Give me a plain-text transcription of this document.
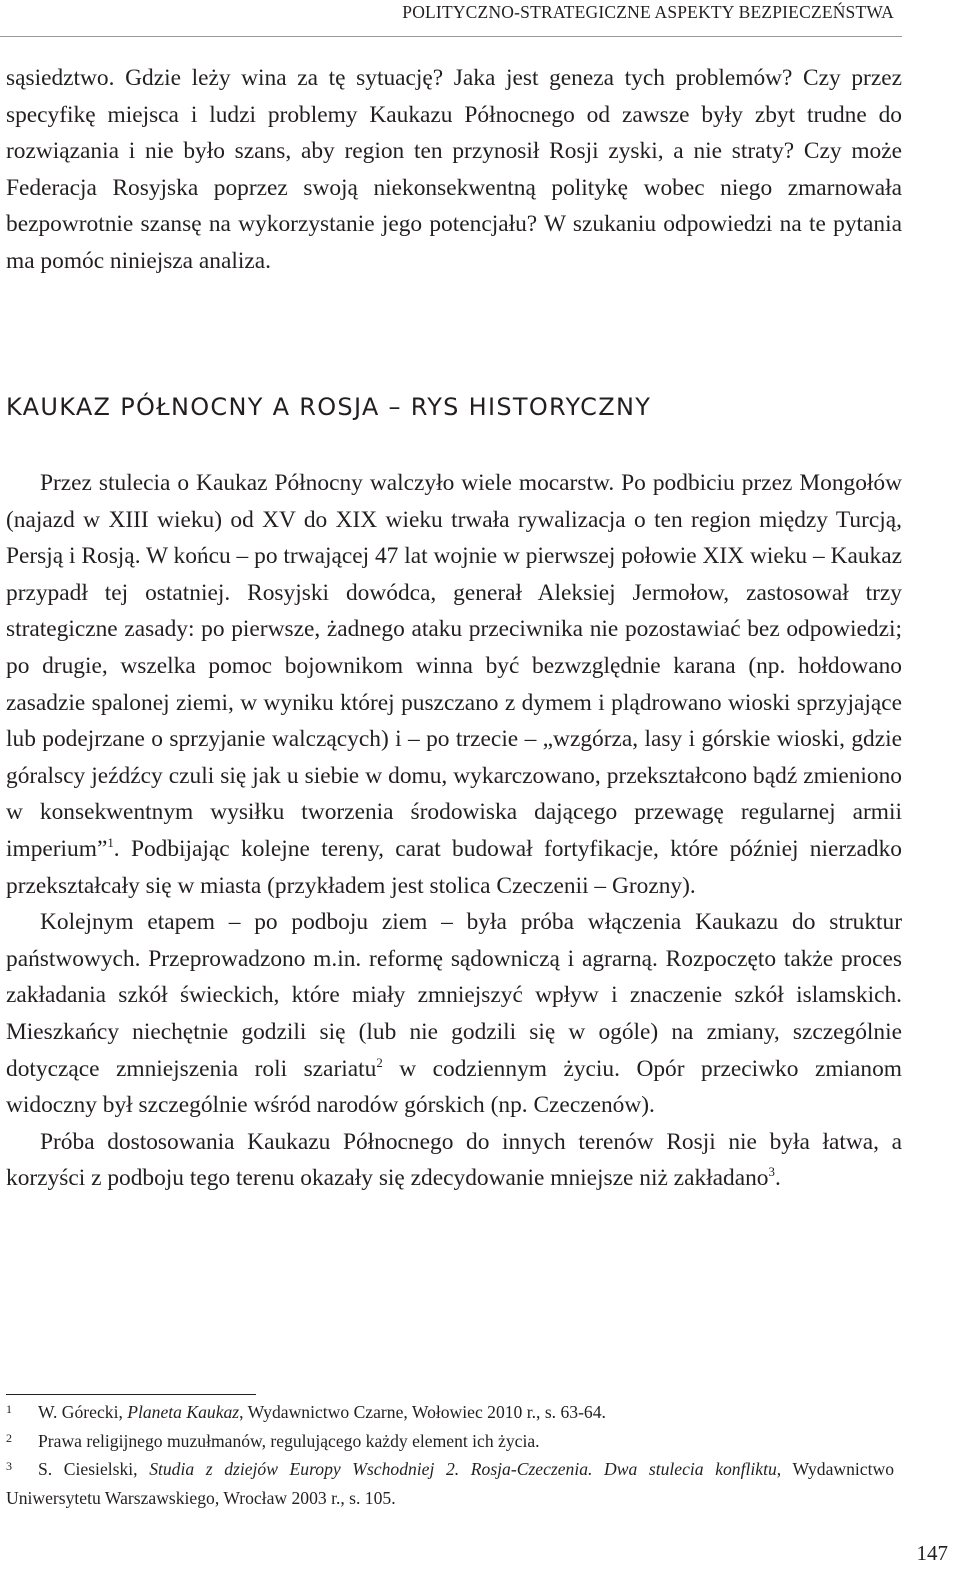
POLITYCZNO-STRATEGICZNE ASPEKTY BEZPIECZEŃSTWA

sąsiedztwo. Gdzie leży wina za tę sytuację? Jaka jest geneza tych problemów? Czy przez specyfikę miejsca i ludzi problemy Kaukazu Północnego od zawsze były zbyt trudne do rozwiązania i nie było szans, aby region ten przynosił Rosji zyski, a nie straty? Czy może Federacja Rosyjska poprzez swoją niekonsekwentną politykę wobec niego zmarnowała bezpowrotnie szansę na wykorzystanie jego potencjału? W szukaniu odpowiedzi na te pytania ma pomóc niniejsza analiza.

KAUKAZ PÓŁNOCNY A ROSJA – RYS HISTORYCZNY

Przez stulecia o Kaukaz Północny walczyło wiele mocarstw. Po podbiciu przez Mongołów (najazd w XIII wieku) od XV do XIX wieku trwała rywalizacja o ten region między Turcją, Persją i Rosją. W końcu – po trwającej 47 lat wojnie w pierwszej połowie XIX wieku – Kaukaz przypadł tej ostatniej. Rosyjski dowódca, generał Aleksiej Jermołow, zastosował trzy strategiczne zasady: po pierwsze, żadnego ataku przeciwnika nie pozostawiać bez odpowiedzi; po drugie, wszelka pomoc bojownikom winna być bezwzględnie karana (np. hołdowano zasadzie spalonej ziemi, w wyniku której puszczano z dymem i plądrowano wioski sprzyjające lub podejrzane o sprzyjanie walczących) i – po trzecie – „wzgórza, lasy i górskie wioski, gdzie góralscy jeźdźcy czuli się jak u siebie w domu, wykarczowano, przekształcono bądź zmieniono w konsekwentnym wysiłku tworzenia środowiska dającego przewagę regularnej armii imperium”$^1$. Podbijając kolejne tereny, carat budował fortyfikacje, które później nierzadko przekształcały się w miasta (przykładem jest stolica Czeczenii – Grozny).

Kolejnym etapem – po podboju ziem – była próba włączenia Kaukazu do struktur państwowych. Przeprowadzono m.in. reformę sądowniczą i agrarną. Rozpoczęto także proces zakładania szkół świeckich, które miały zmniejszyć wpływ i znaczenie szkół islamskich. Mieszkańcy niechętnie godzili się (lub nie godzili się w ogóle) na zmiany, szczególnie dotyczące zmniejszenia roli szariatu$^2$ w codziennym życiu. Opór przeciwko zmianom widoczny był szczególnie wśród narodów górskich (np. Czeczenów).

Próba dostosowania Kaukazu Północnego do innych terenów Rosji nie była łatwa, a korzyści z podboju tego terenu okazały się zdecydowanie mniejsze niż zakładano$^3$.

1 W. Górecki, Planeta Kaukaz, Wydawnictwo Czarne, Wołowiec 2010 r., s. 63-64.
2 Prawa religijnego muzułmanów, regulującego każdy element ich życia.
3 S. Ciesielski, Studia z dziejów Europy Wschodniej 2. Rosja-Czeczenia. Dwa stulecia konfliktu, Wydawnictwo Uniwersytetu Warszawskiego, Wrocław 2003 r., s. 105.
147
